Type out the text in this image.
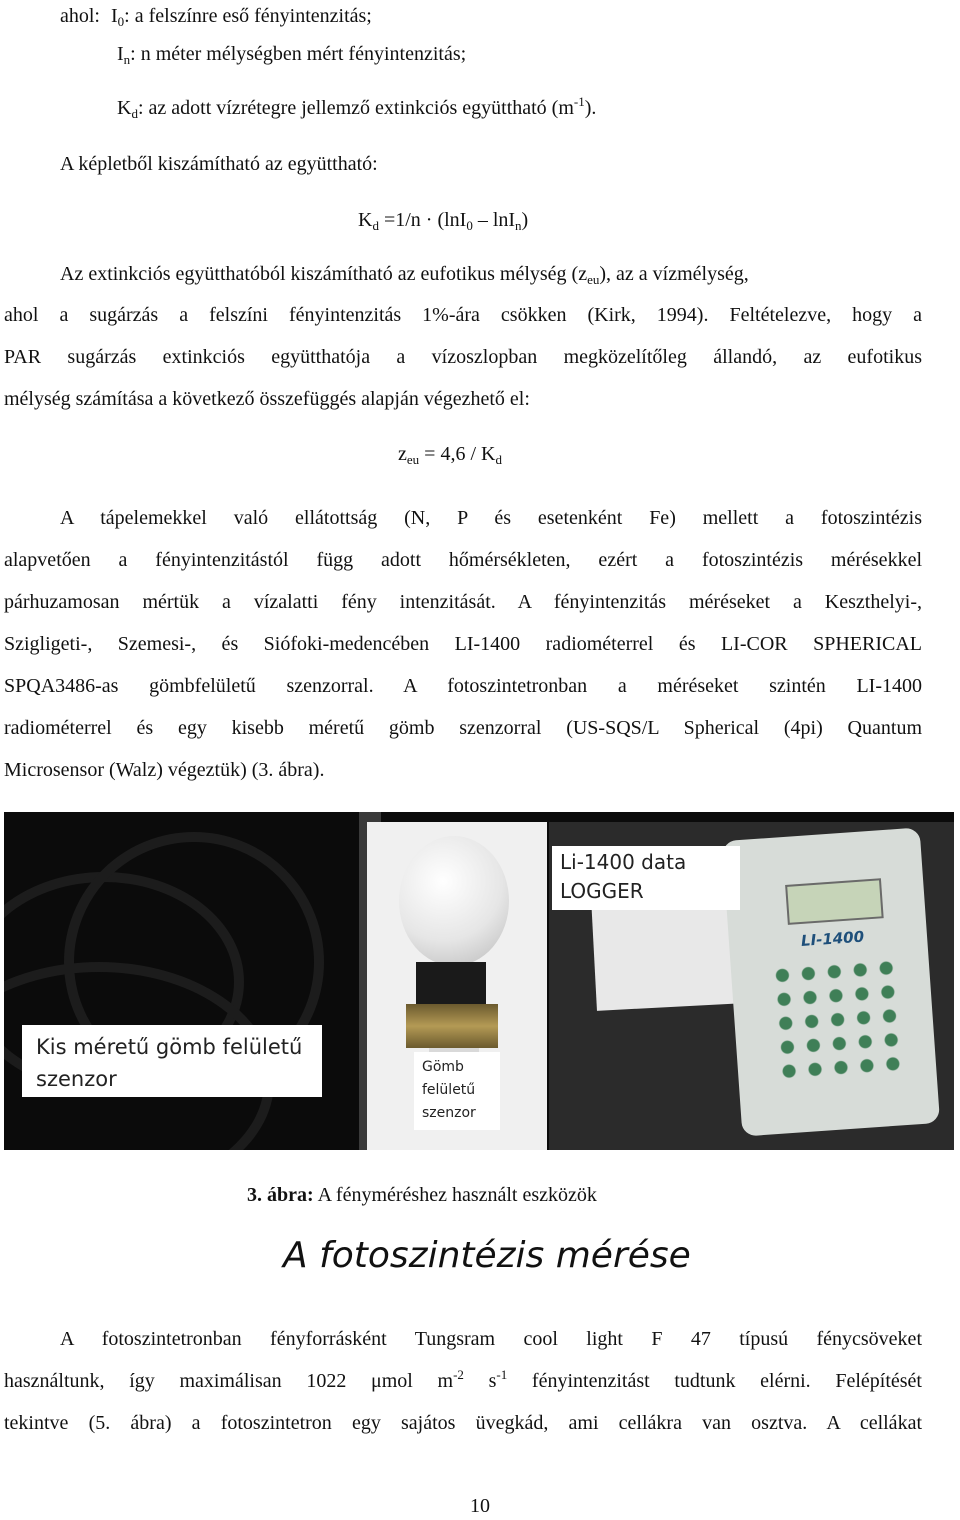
ahol: $I_0$: a felszínre eső fényintenzitás;
$I_n$: n méter mélységben mért fényintenzitás;
$K_d$: az adott vízrétegre jellemző extinkciós együttható $(m^{-1})$.
A képletből kiszámítható az együttható:
$K_d =1/n \cdot (\ln I_0 - \ln I_n)$
Az extinkciós együtthatóból kiszámítható az eufotikus mélység $(z_{eu})$, az a vízmélység,
ahol a sugárzás a felszíni fényintenzitás 1%-ára csökken (Kirk, 1994). Feltételezve, hogy a
PAR sugárzás extinkciós együtthatója a vízoszlopban megközelítőleg állandó, az eufotikus
mélység számítása a következő összefüggés alapján végezhető el:
$z_{eu} = 4,6 / K_d$
A tápelemekkel való ellátottság (N, P és esetenként Fe) mellett a fotoszintézis
alapvetően a fényintenzitástól függ adott hőmérsékleten, ezért a fotoszintézis mérésekkel
párhuzamosan mértük a vízalatti fény intenzitását. A fényintenzitás méréseket a Keszthelyi-,
Szigligeti-, Szemesi-, és Siófoki-medencében LI-1400 radiométerrel és LI-COR SPHERICAL
SPQA3486-as gömbfelületű szenzorral. A fotoszintetronban a méréseket szintén LI-1400
radiométerrel és egy kisebb méretű gömb szenzorral (US-SQS/L Spherical (4pi) Quantum
Microsensor (Walz) végeztük) (3. ábra).
LI-1400
Li-1400 data
LOGGER
Kis méretű gömb felületű
szenzor	Gömb
felületű
szenzor
3. ábra: A fényméréshez használt eszközök
A fotoszintézis mérése
A fotoszintetronban fényforrásként Tungsram cool light F 47 típusú fénycsöveket
használtunk, így maximálisan 1022 μmol $m^{-2}$ $s^{-1}$ fényintenzitást tudtunk elérni. Felépítését
tekintve (5. ábra) a fotoszintetron egy sajátos üvegkád, ami cellákra van osztva. A cellákat
10
